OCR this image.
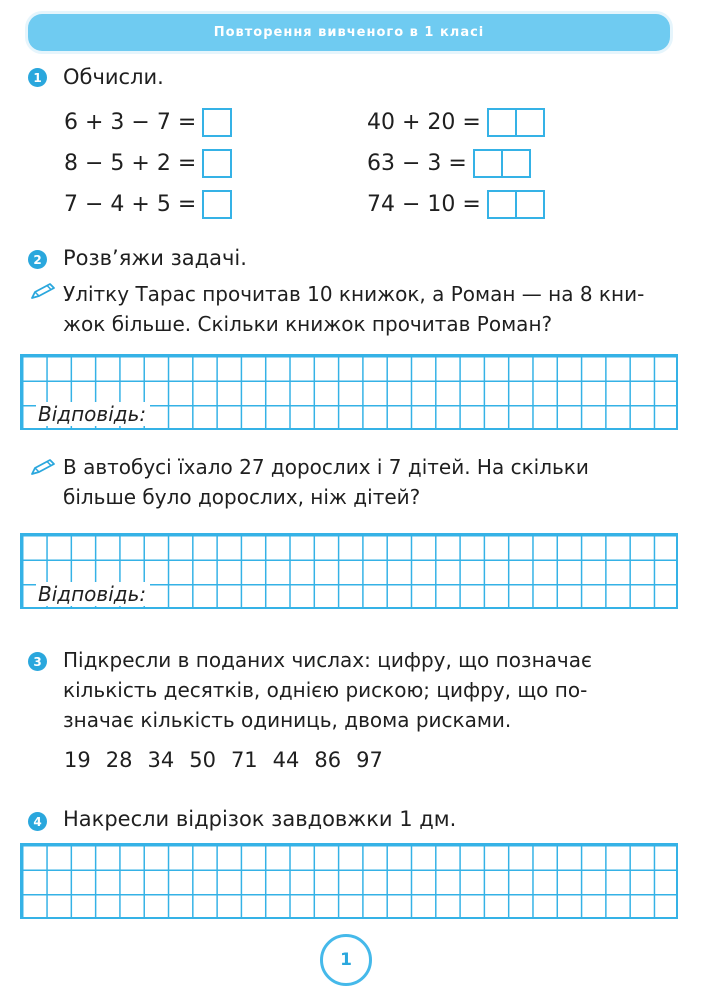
Повторення вивченого в 1 класі
1 Обчисли.
6 + 3 − 7 =
8 − 5 + 2 =
7 − 4 + 5 =
40 + 20 =
63 − 3 =
74 − 10 =
2 Розв’яжи задачі.
Улітку Тарас прочитав 10 книжок, а Роман — на 8 кни-
жок більше. Скільки книжок прочитав Роман?
Відповідь:
В автобусі їхало 27 дорослих і 7 дітей. На скільки
більше було дорослих, ніж дітей?
Відповідь:
3 Підкресли в поданих числах: цифру, що позначає
кількість десятків, однією рискою; цифру, що по-
значає кількість одиниць, двома рисками.
19 28 34 50 71 44 86 97
4 Накресли відрізок завдовжки 1 дм.
1
